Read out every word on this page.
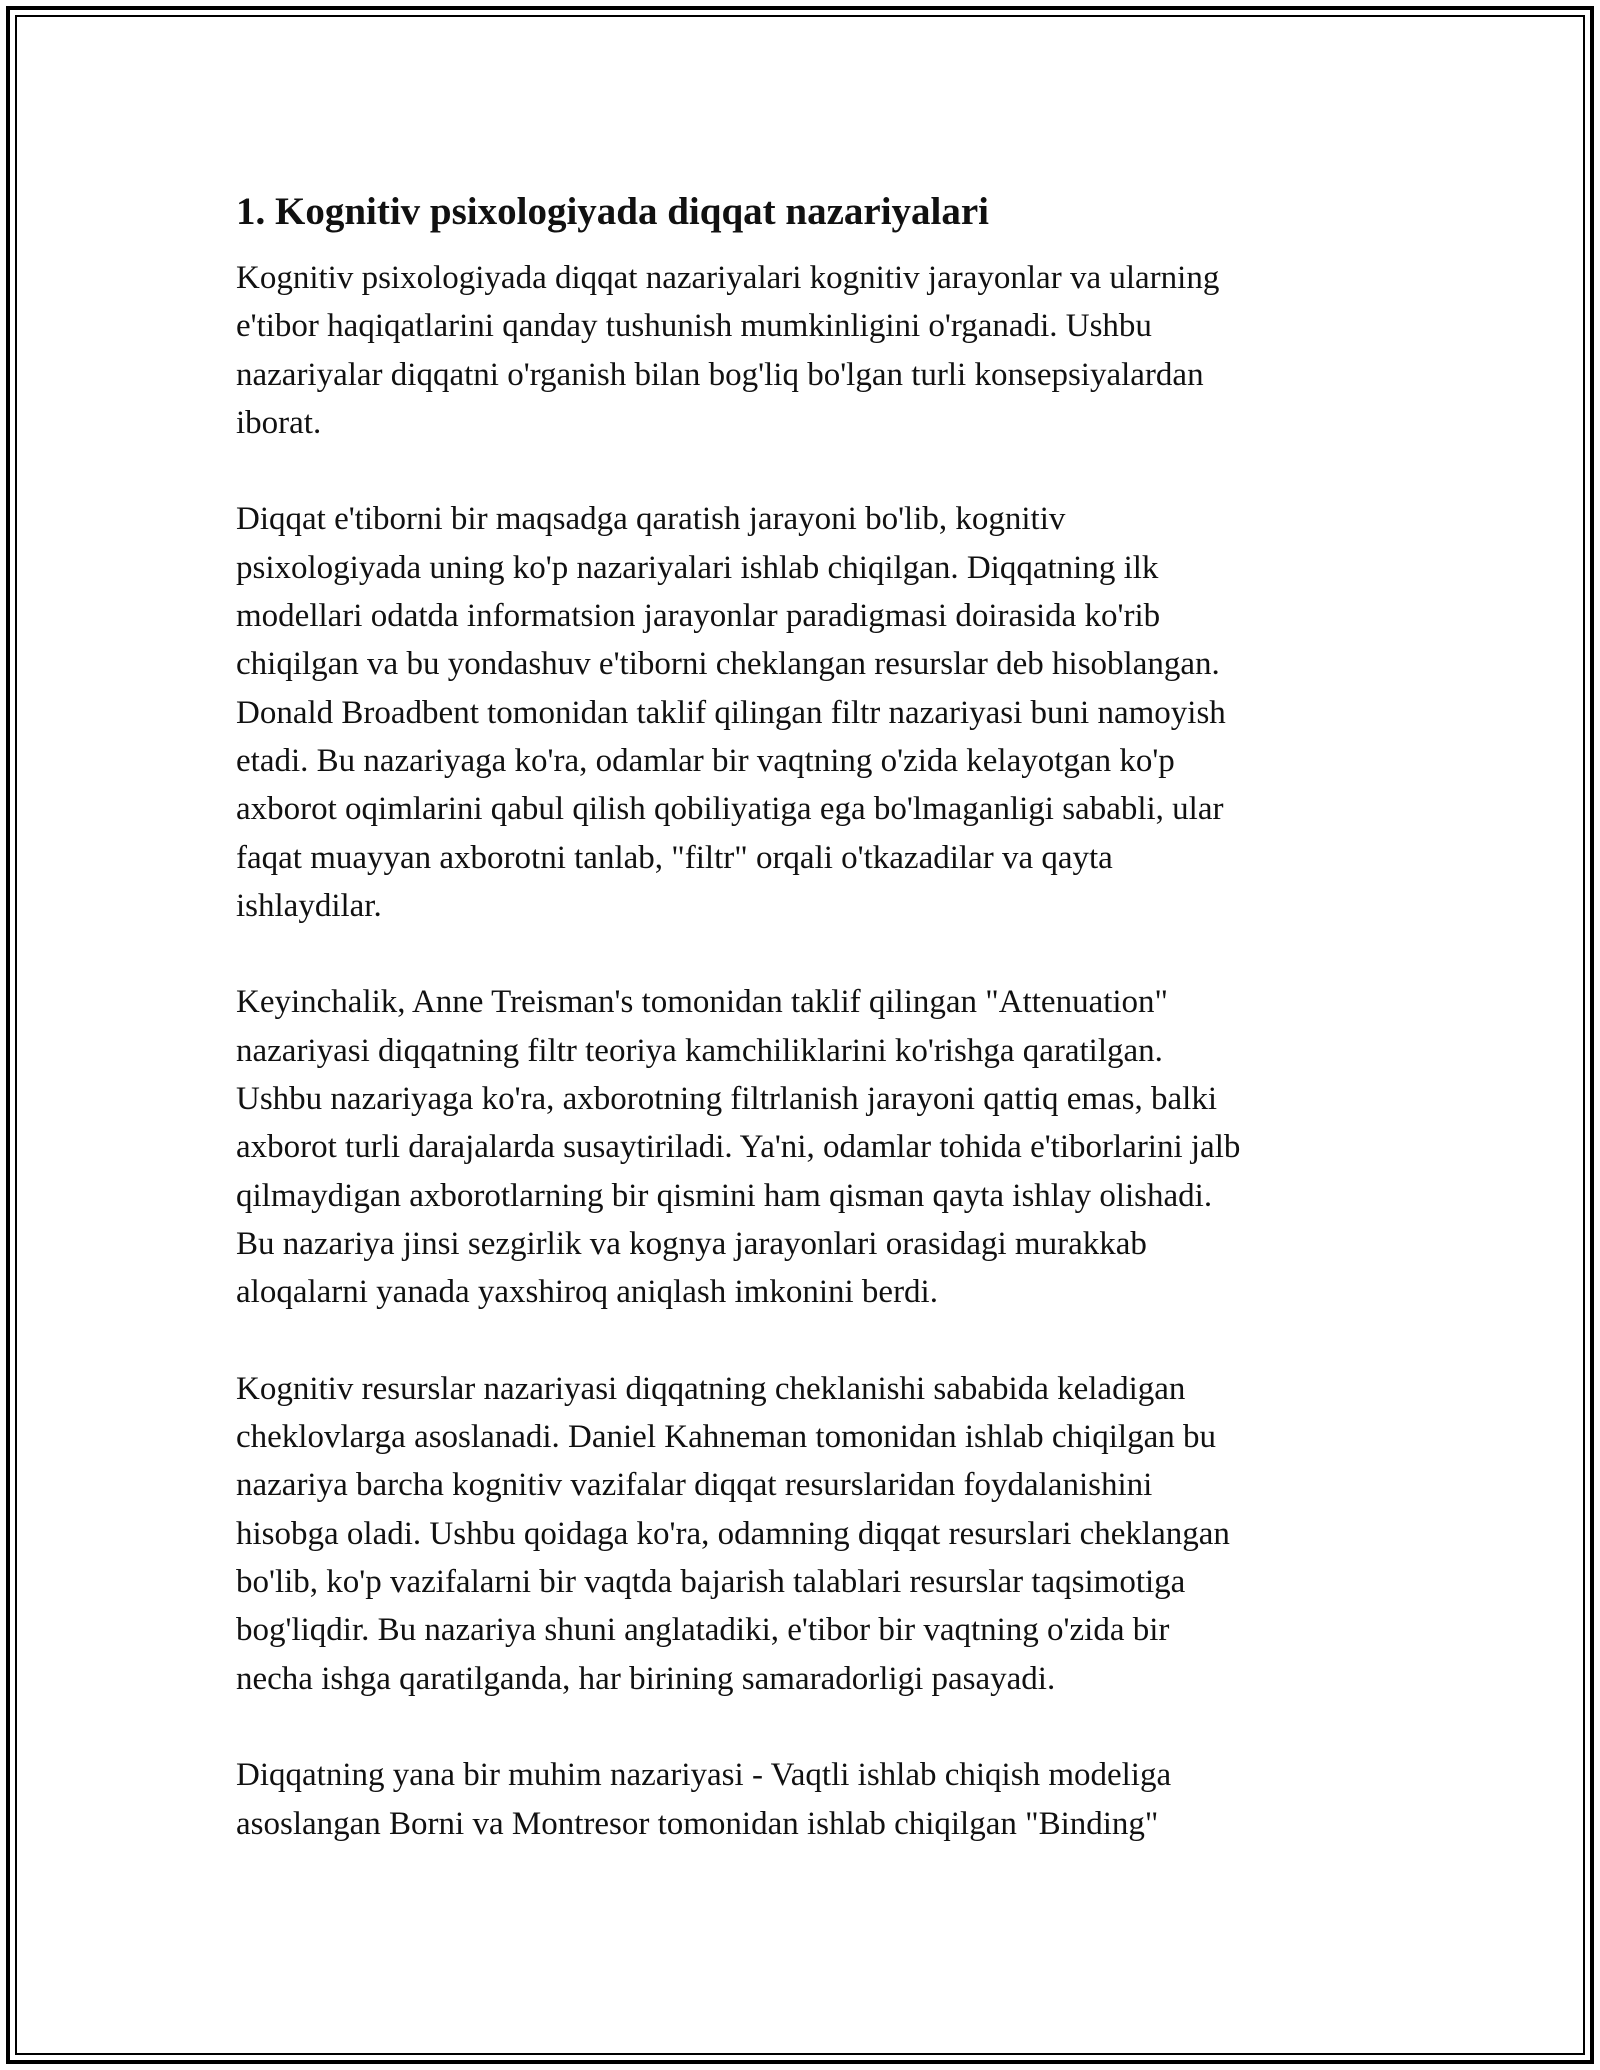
1. Kognitiv psixologiyada diqqat nazariyalari
Kognitiv psixologiyada diqqat nazariyalari kognitiv jarayonlar va ularning
e'tibor haqiqatlarini qanday tushunish mumkinligini o'rganadi. Ushbu
nazariyalar diqqatni o'rganish bilan bog'liq bo'lgan turli konsepsiyalardan
iborat.
Diqqat e'tiborni bir maqsadga qaratish jarayoni bo'lib, kognitiv
psixologiyada uning ko'p nazariyalari ishlab chiqilgan. Diqqatning ilk
modellari odatda informatsion jarayonlar paradigmasi doirasida ko'rib
chiqilgan va bu yondashuv e'tiborni cheklangan resurslar deb hisoblangan.
Donald Broadbent tomonidan taklif qilingan filtr nazariyasi buni namoyish
etadi. Bu nazariyaga ko'ra, odamlar bir vaqtning o'zida kelayotgan ko'p
axborot oqimlarini qabul qilish qobiliyatiga ega bo'lmaganligi sababli, ular
faqat muayyan axborotni tanlab, "filtr" orqali o'tkazadilar va qayta
ishlaydilar.
Keyinchalik, Anne Treisman's tomonidan taklif qilingan "Attenuation"
nazariyasi diqqatning filtr teoriya kamchiliklarini ko'rishga qaratilgan.
Ushbu nazariyaga ko'ra, axborotning filtrlanish jarayoni qattiq emas, balki
axborot turli darajalarda susaytiriladi. Ya'ni, odamlar tohida e'tiborlarini jalb
qilmaydigan axborotlarning bir qismini ham qisman qayta ishlay olishadi.
Bu nazariya jinsi sezgirlik va kognya jarayonlari orasidagi murakkab
aloqalarni yanada yaxshiroq aniqlash imkonini berdi.
Kognitiv resurslar nazariyasi diqqatning cheklanishi sababida keladigan
cheklovlarga asoslanadi. Daniel Kahneman tomonidan ishlab chiqilgan bu
nazariya barcha kognitiv vazifalar diqqat resurslaridan foydalanishini
hisobga oladi. Ushbu qoidaga ko'ra, odamning diqqat resurslari cheklangan
bo'lib, ko'p vazifalarni bir vaqtda bajarish talablari resurslar taqsimotiga
bog'liqdir. Bu nazariya shuni anglatadiki, e'tibor bir vaqtning o'zida bir
necha ishga qaratilganda, har birining samaradorligi pasayadi.
Diqqatning yana bir muhim nazariyasi - Vaqtli ishlab chiqish modeliga
asoslangan Borni va Montresor tomonidan ishlab chiqilgan "Binding"
